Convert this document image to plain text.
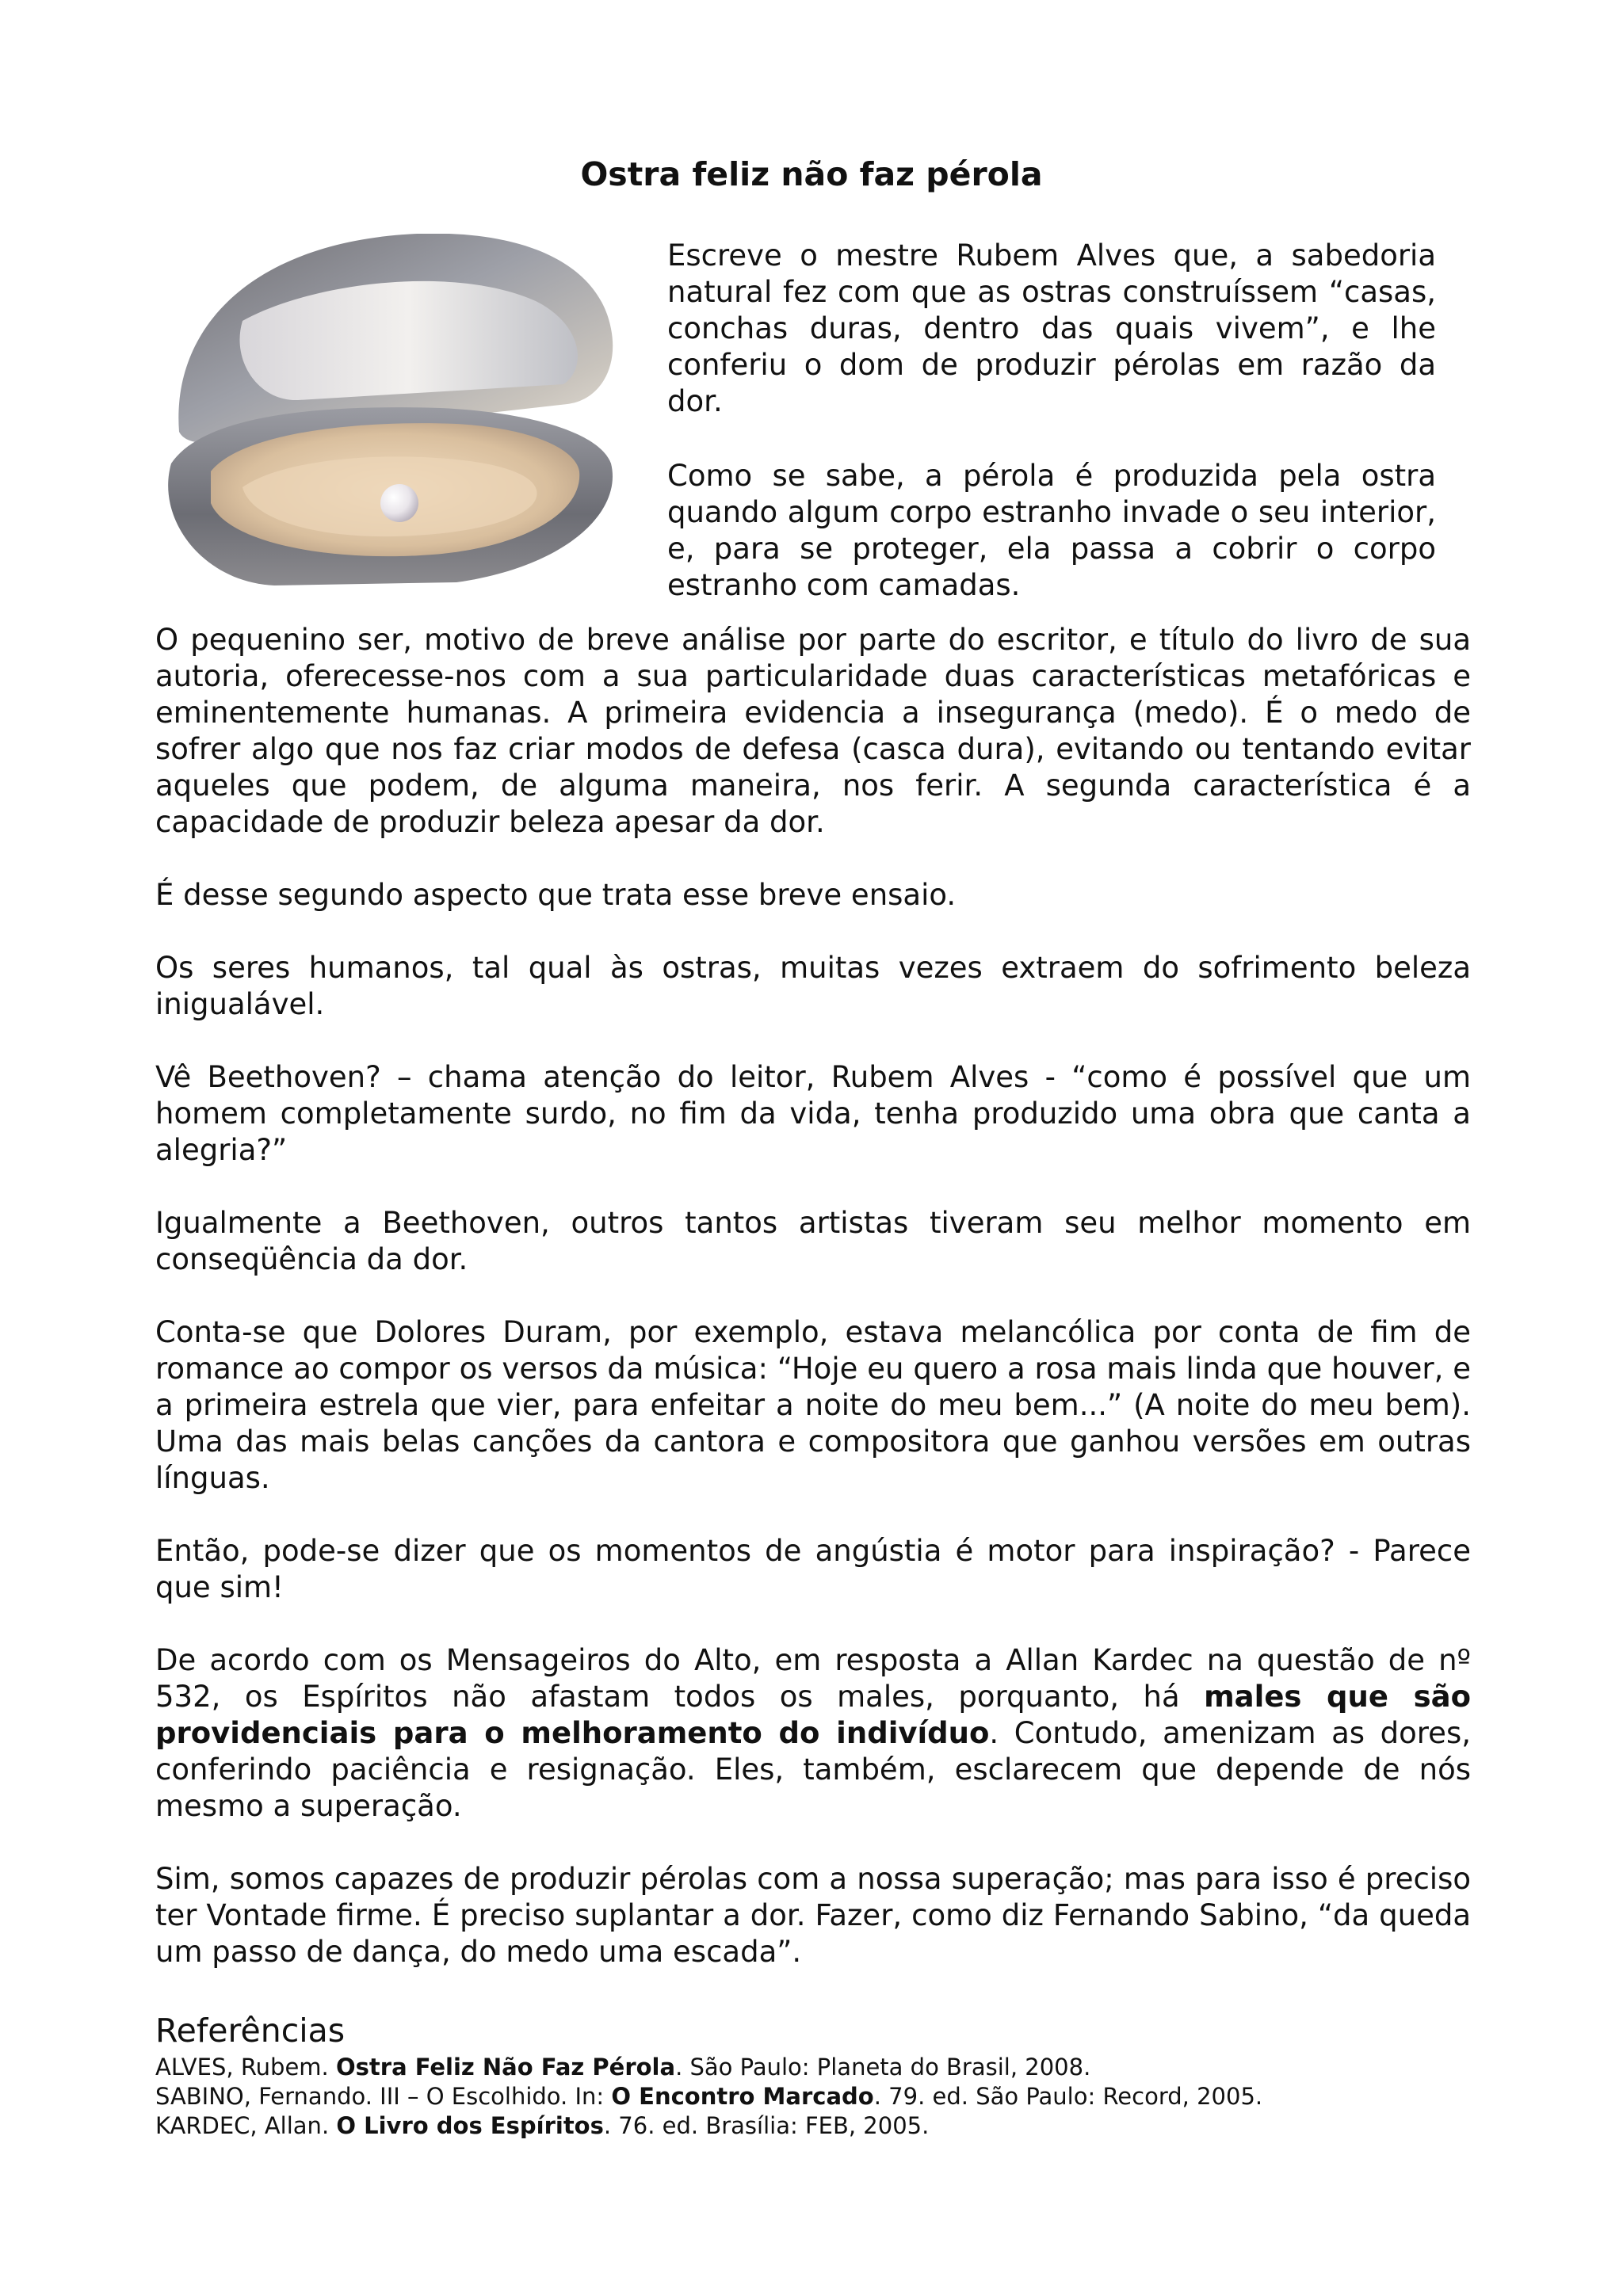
Ostra feliz não faz pérola

Escreve o mestre Rubem Alves que, a sabedoria natural fez com que as ostras construíssem “casas, conchas duras, dentro das quais vivem”, e lhe conferiu o dom de produzir pérolas em razão da dor.

Como se sabe, a pérola é produzida pela ostra quando algum corpo estranho invade o seu interior, e, para se proteger, ela passa a cobrir o corpo estranho com camadas.

O pequenino ser, motivo de breve análise por parte do escritor, e título do livro de sua autoria, oferecesse-nos com a sua particularidade duas características metafóricas e eminentemente humanas. A primeira evidencia a insegurança (medo). É o medo de sofrer algo que nos faz criar modos de defesa (casca dura), evitando ou tentando evitar aqueles que podem, de alguma maneira, nos ferir. A segunda característica é a capacidade de produzir beleza apesar da dor.

É desse segundo aspecto que trata esse breve ensaio.

Os seres humanos, tal qual às ostras, muitas vezes extraem do sofrimento beleza inigualável.

Vê Beethoven? – chama atenção do leitor, Rubem Alves - “como é possível que um homem completamente surdo, no fim da vida, tenha produzido uma obra que canta a alegria?”

Igualmente a Beethoven, outros tantos artistas tiveram seu melhor momento em conseqüência da dor.

Conta-se que Dolores Duram, por exemplo, estava melancólica por conta de fim de romance ao compor os versos da música: “Hoje eu quero a rosa mais linda que houver, e a primeira estrela que vier, para enfeitar a noite do meu bem...” (A noite do meu bem). Uma das mais belas canções da cantora e compositora que ganhou versões em outras línguas.

Então, pode-se dizer que os momentos de angústia é motor para inspiração? - Parece que sim!

De acordo com os Mensageiros do Alto, em resposta a Allan Kardec na questão de nº 532, os Espíritos não afastam todos os males, porquanto, há males que são providenciais para o melhoramento do indivíduo. Contudo, amenizam as dores, conferindo paciência e resignação. Eles, também, esclarecem que depende de nós mesmo a superação.

Sim, somos capazes de produzir pérolas com a nossa superação; mas para isso é preciso ter Vontade firme. É preciso suplantar a dor. Fazer, como diz Fernando Sabino, “da queda um passo de dança, do medo uma escada”.

Referências
ALVES, Rubem. Ostra Feliz Não Faz Pérola. São Paulo: Planeta do Brasil, 2008.
SABINO, Fernando. III – O Escolhido. In: O Encontro Marcado. 79. ed. São Paulo: Record, 2005.
KARDEC, Allan. O Livro dos Espíritos. 76. ed. Brasília: FEB, 2005.
